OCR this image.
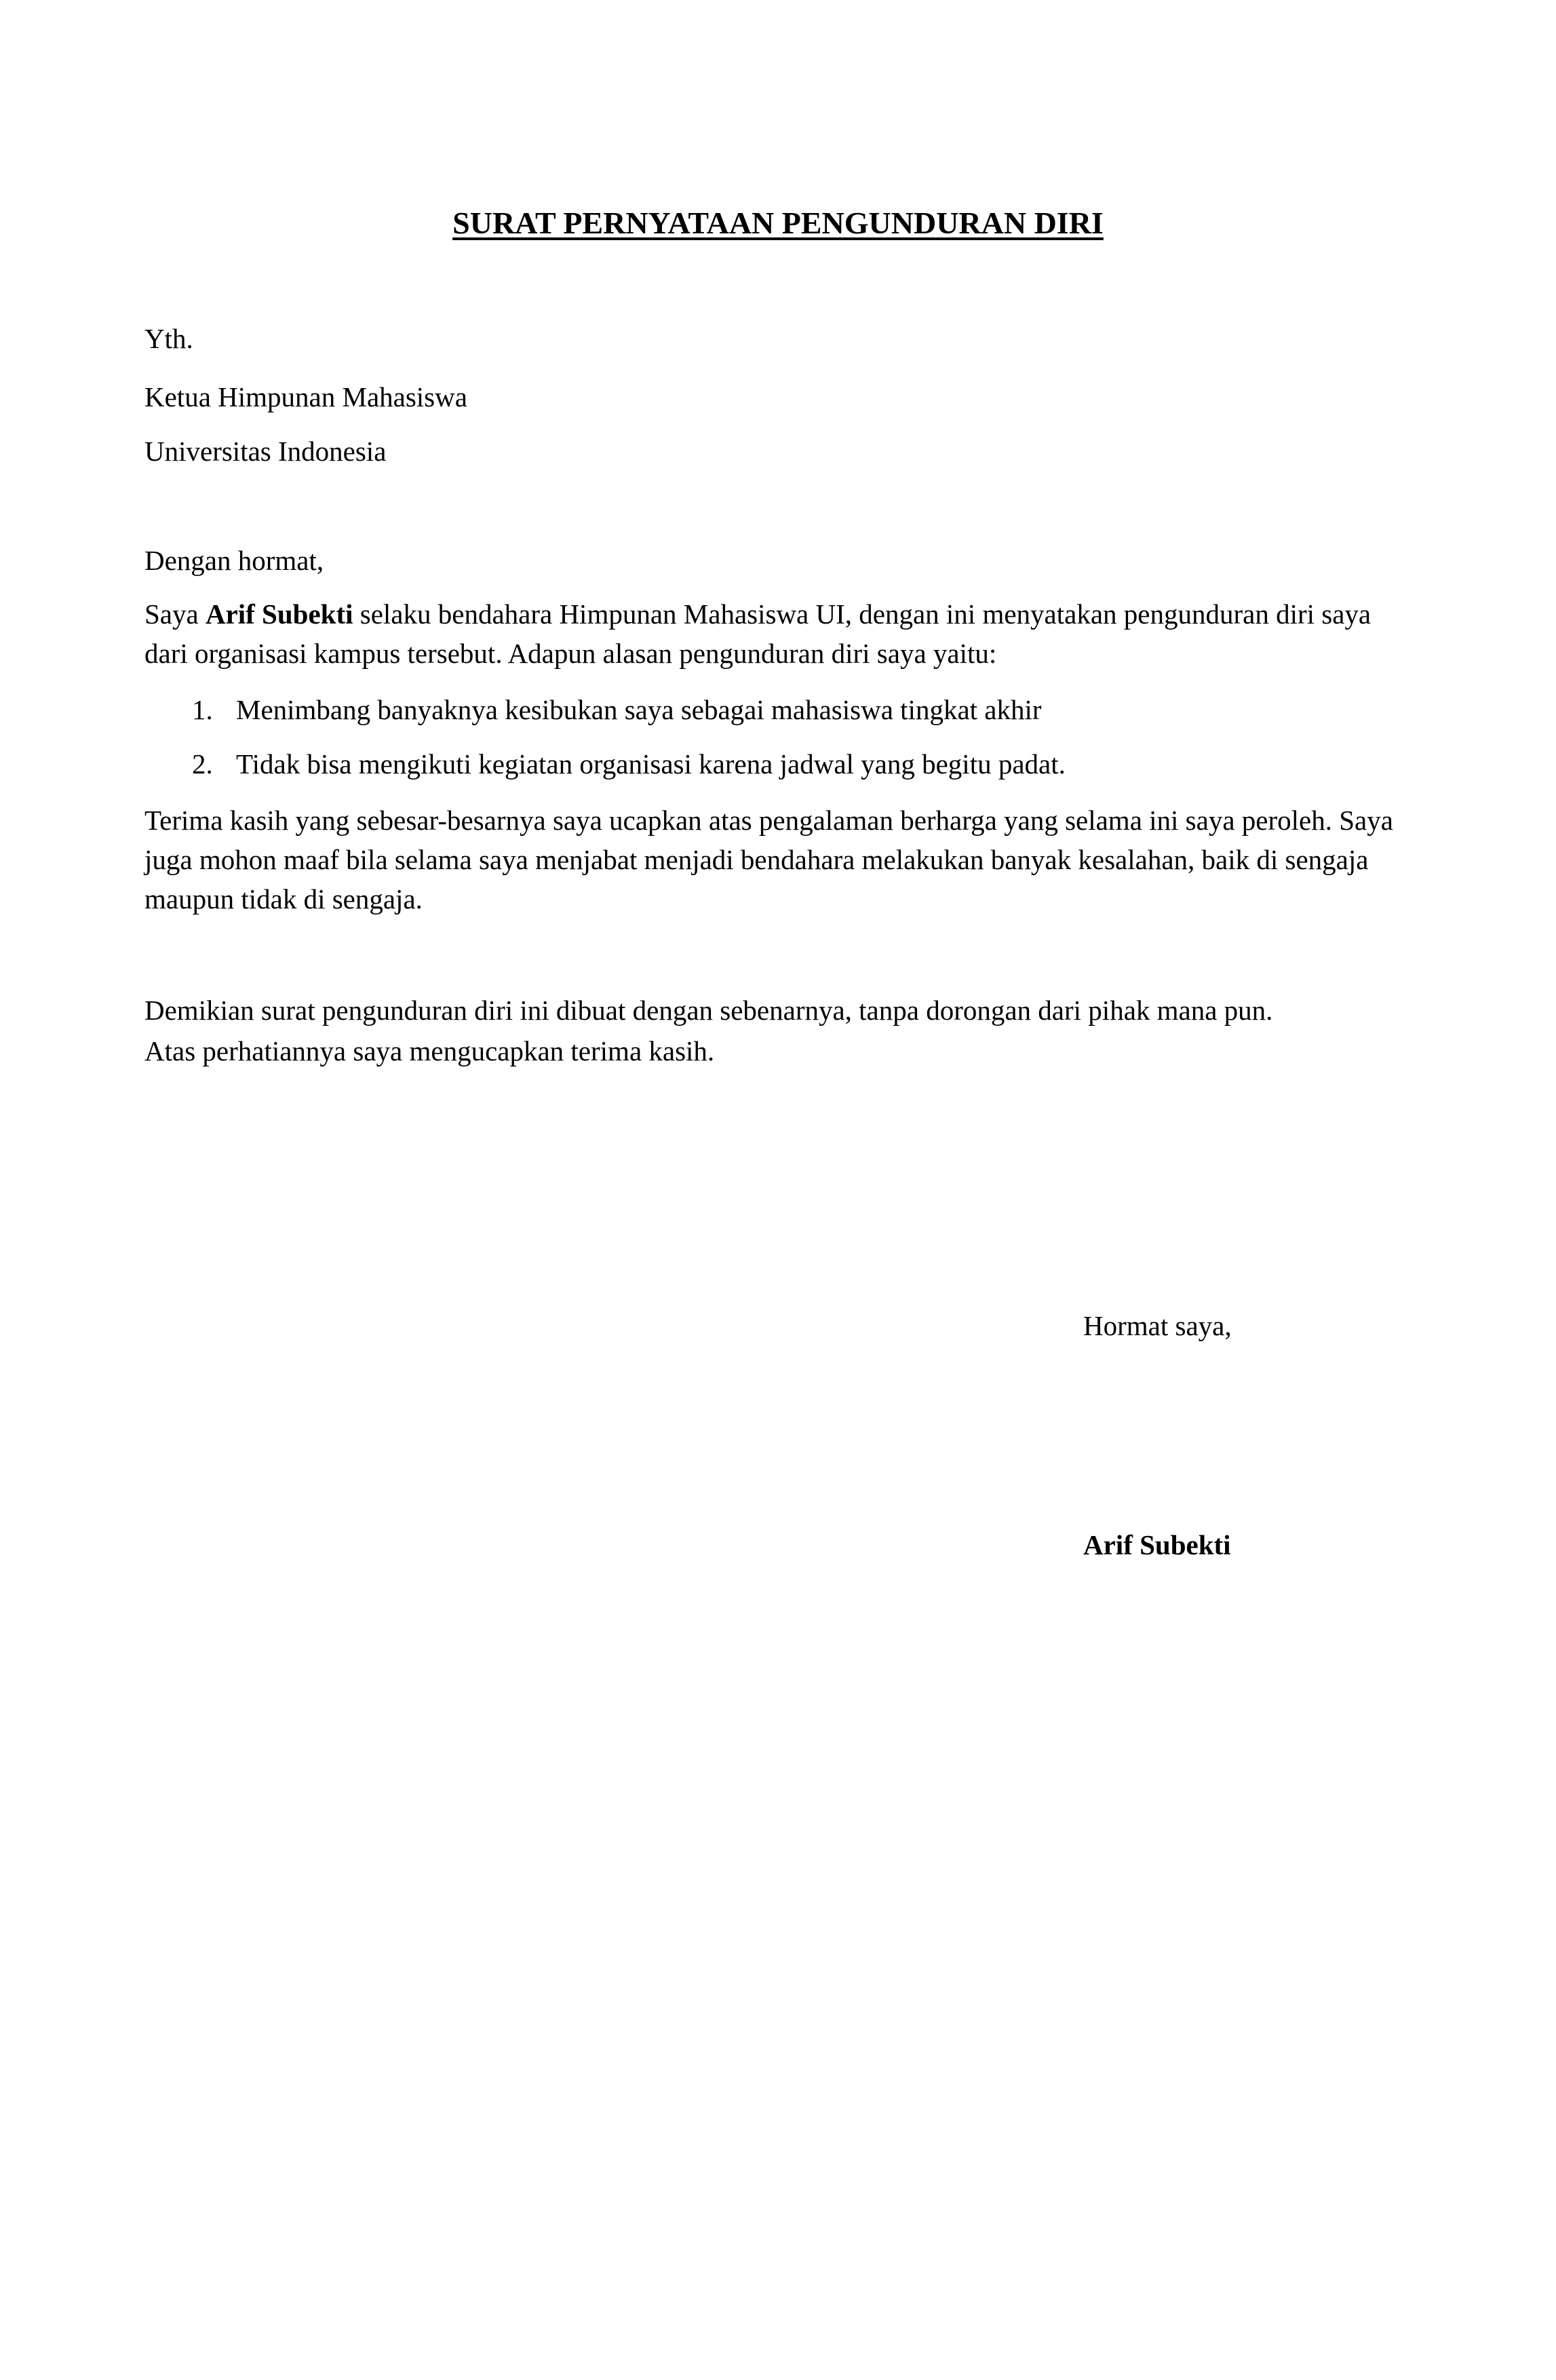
SURAT PERNYATAAN PENGUNDURAN DIRI

Yth.

Ketua Himpunan Mahasiswa

Universitas Indonesia

Dengan hormat,

Saya Arif Subekti selaku bendahara Himpunan Mahasiswa UI, dengan ini menyatakan pengunduran diri saya dari organisasi kampus tersebut. Adapun alasan pengunduran diri saya yaitu:

1. Menimbang banyaknya kesibukan saya sebagai mahasiswa tingkat akhir
2. Tidak bisa mengikuti kegiatan organisasi karena jadwal yang begitu padat.

Terima kasih yang sebesar-besarnya saya ucapkan atas pengalaman berharga yang selama ini saya peroleh. Saya juga mohon maaf bila selama saya menjabat menjadi bendahara melakukan banyak kesalahan, baik di sengaja maupun tidak di sengaja.

Demikian surat pengunduran diri ini dibuat dengan sebenarnya, tanpa dorongan dari pihak mana pun.

Atas perhatiannya saya mengucapkan terima kasih.

Hormat saya,

Arif Subekti
